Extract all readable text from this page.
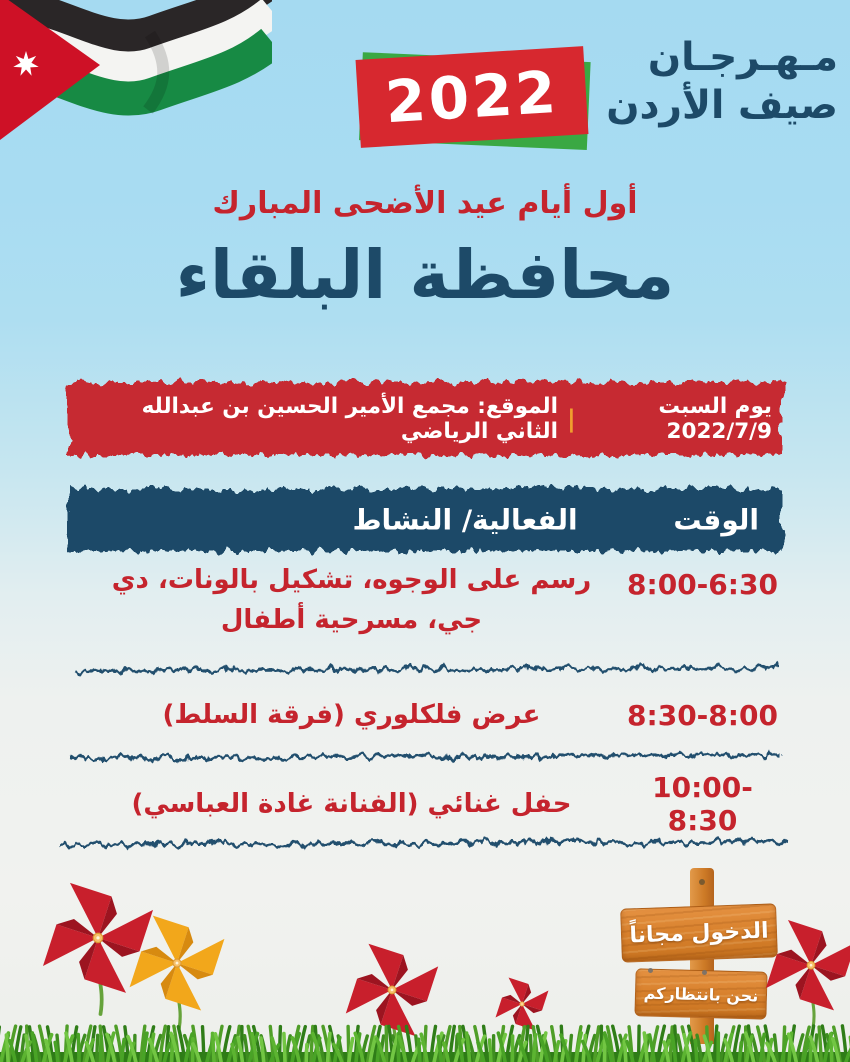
مـهـرجـان
صيف الأردن
2022
أول أيام عيد الأضحى المبارك
محافظة البلقاء
يوم السبت 2022/7/9
|
الموقع: مجمع الأمير الحسين بن عبدالله الثاني الرياضي
الوقت
الفعالية/ النشاط
8:00-6:30
رسم على الوجوه، تشكيل بالونات، دي جي، مسرحية أطفال
8:30-8:00
عرض فلكلوري (فرقة السلط)
10:00-8:30
حفل غنائي (الفنانة غادة العباسي)
الدخول مجاناً
نحن بانتظاركم
